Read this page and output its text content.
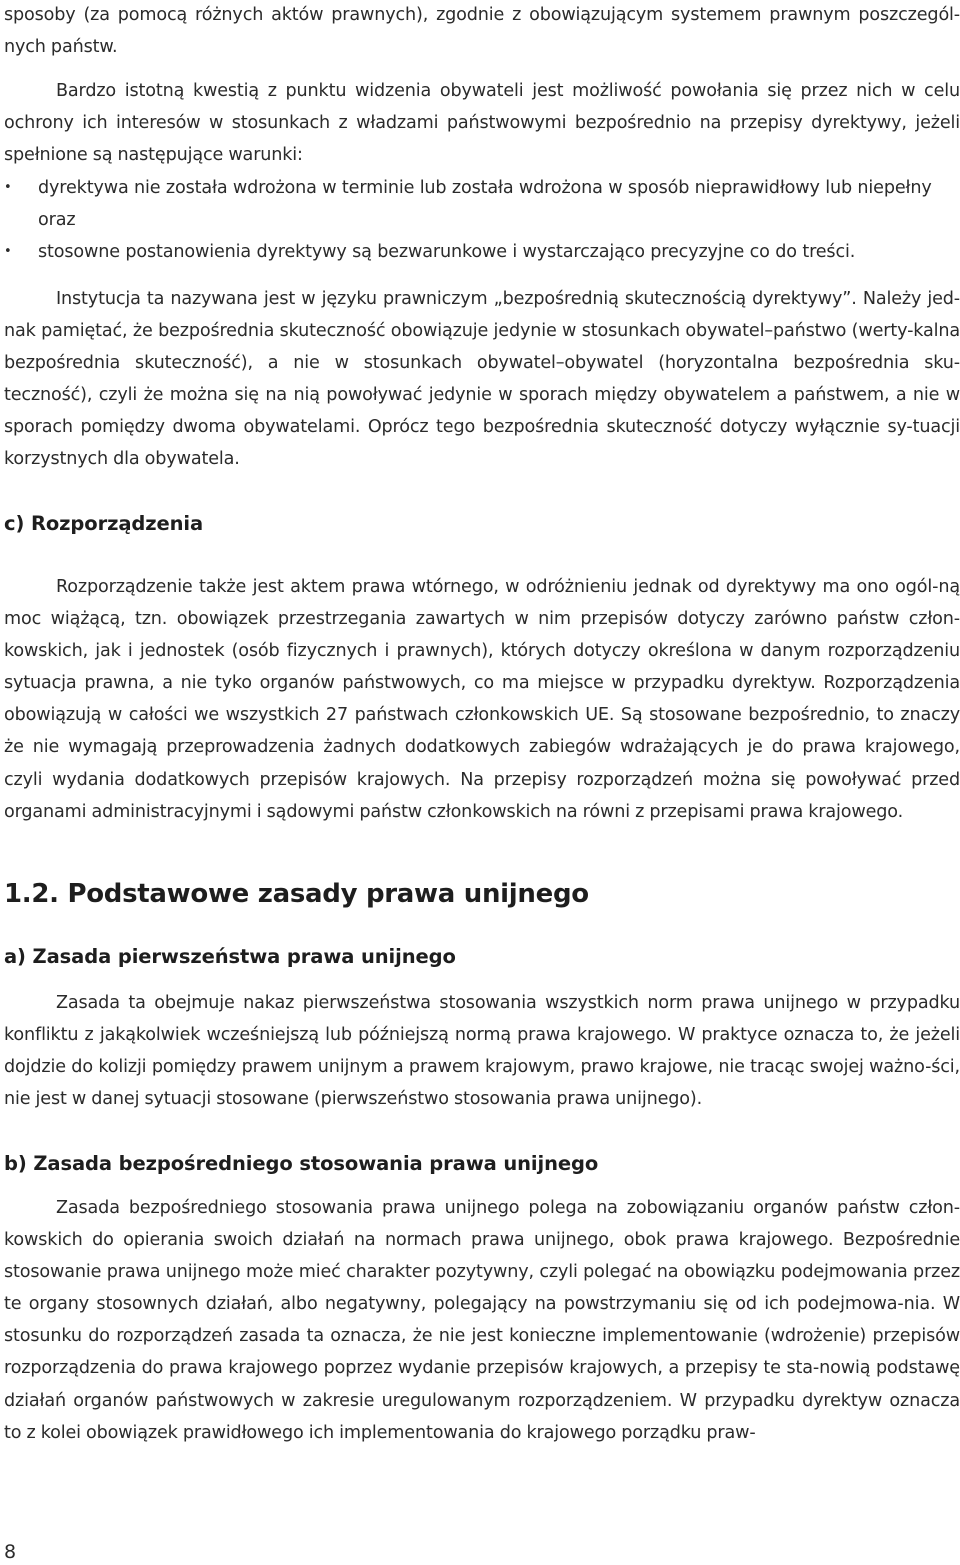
sposoby (za pomocą różnych aktów prawnych), zgodnie z obowiązującym systemem prawnym poszczegól-nych państw.

Bardzo istotną kwestią z punktu widzenia obywateli jest możliwość powołania się przez nich w celu ochrony ich interesów w stosunkach z władzami państwowymi bezpośrednio na przepisy dyrektywy, jeżeli spełnione są następujące warunki:

• dyrektywa nie została wdrożona w terminie lub została wdrożona w sposób nieprawidłowy lub niepełny oraz
• stosowne postanowienia dyrektywy są bezwarunkowe i wystarczająco precyzyjne co do treści.

Instytucja ta nazywana jest w języku prawniczym „bezpośrednią skutecznością dyrektywy”. Należy jed-nak pamiętać, że bezpośrednia skuteczność obowiązuje jedynie w stosunkach obywatel–państwo (werty-kalna bezpośrednia skuteczność), a nie w stosunkach obywatel–obywatel (horyzontalna bezpośrednia sku-teczność), czyli że można się na nią powoływać jedynie w sporach między obywatelem a państwem, a nie w sporach pomiędzy dwoma obywatelami. Oprócz tego bezpośrednia skuteczność dotyczy wyłącznie sy-tuacji korzystnych dla obywatela.

c) Rozporządzenia

Rozporządzenie także jest aktem prawa wtórnego, w odróżnieniu jednak od dyrektywy ma ono ogól-ną moc wiążącą, tzn. obowiązek przestrzegania zawartych w nim przepisów dotyczy zarówno państw człon-kowskich, jak i jednostek (osób fizycznych i prawnych), których dotyczy określona w danym rozporządzeniu sytuacja prawna, a nie tyko organów państwowych, co ma miejsce w przypadku dyrektyw. Rozporządzenia obowiązują w całości we wszystkich 27 państwach członkowskich UE. Są stosowane bezpośrednio, to znaczy że nie wymagają przeprowadzenia żadnych dodatkowych zabiegów wdrażających je do prawa krajowego, czyli wydania dodatkowych przepisów krajowych. Na przepisy rozporządzeń można się powoływać przed organami administracyjnymi i sądowymi państw członkowskich na równi z przepisami prawa krajowego.

1.2. Podstawowe zasady prawa unijnego
a) Zasada pierwszeństwa prawa unijnego

Zasada ta obejmuje nakaz pierwszeństwa stosowania wszystkich norm prawa unijnego w przypadku konfliktu z jakąkolwiek wcześniejszą lub późniejszą normą prawa krajowego. W praktyce oznacza to, że jeżeli dojdzie do kolizji pomiędzy prawem unijnym a prawem krajowym, prawo krajowe, nie tracąc swojej ważno-ści, nie jest w danej sytuacji stosowane (pierwszeństwo stosowania prawa unijnego).

b) Zasada bezpośredniego stosowania prawa unijnego

Zasada bezpośredniego stosowania prawa unijnego polega na zobowiązaniu organów państw człon-kowskich do opierania swoich działań na normach prawa unijnego, obok prawa krajowego. Bezpośrednie stosowanie prawa unijnego może mieć charakter pozytywny, czyli polegać na obowiązku podejmowania przez te organy stosownych działań, albo negatywny, polegający na powstrzymaniu się od ich podejmowa-nia. W stosunku do rozporządzeń zasada ta oznacza, że nie jest konieczne implementowanie (wdrożenie) przepisów rozporządzenia do prawa krajowego poprzez wydanie przepisów krajowych, a przepisy te sta-nowią podstawę działań organów państwowych w zakresie uregulowanym rozporządzeniem. W przypadku dyrektyw oznacza to z kolei obowiązek prawidłowego ich implementowania do krajowego porządku praw-

8
